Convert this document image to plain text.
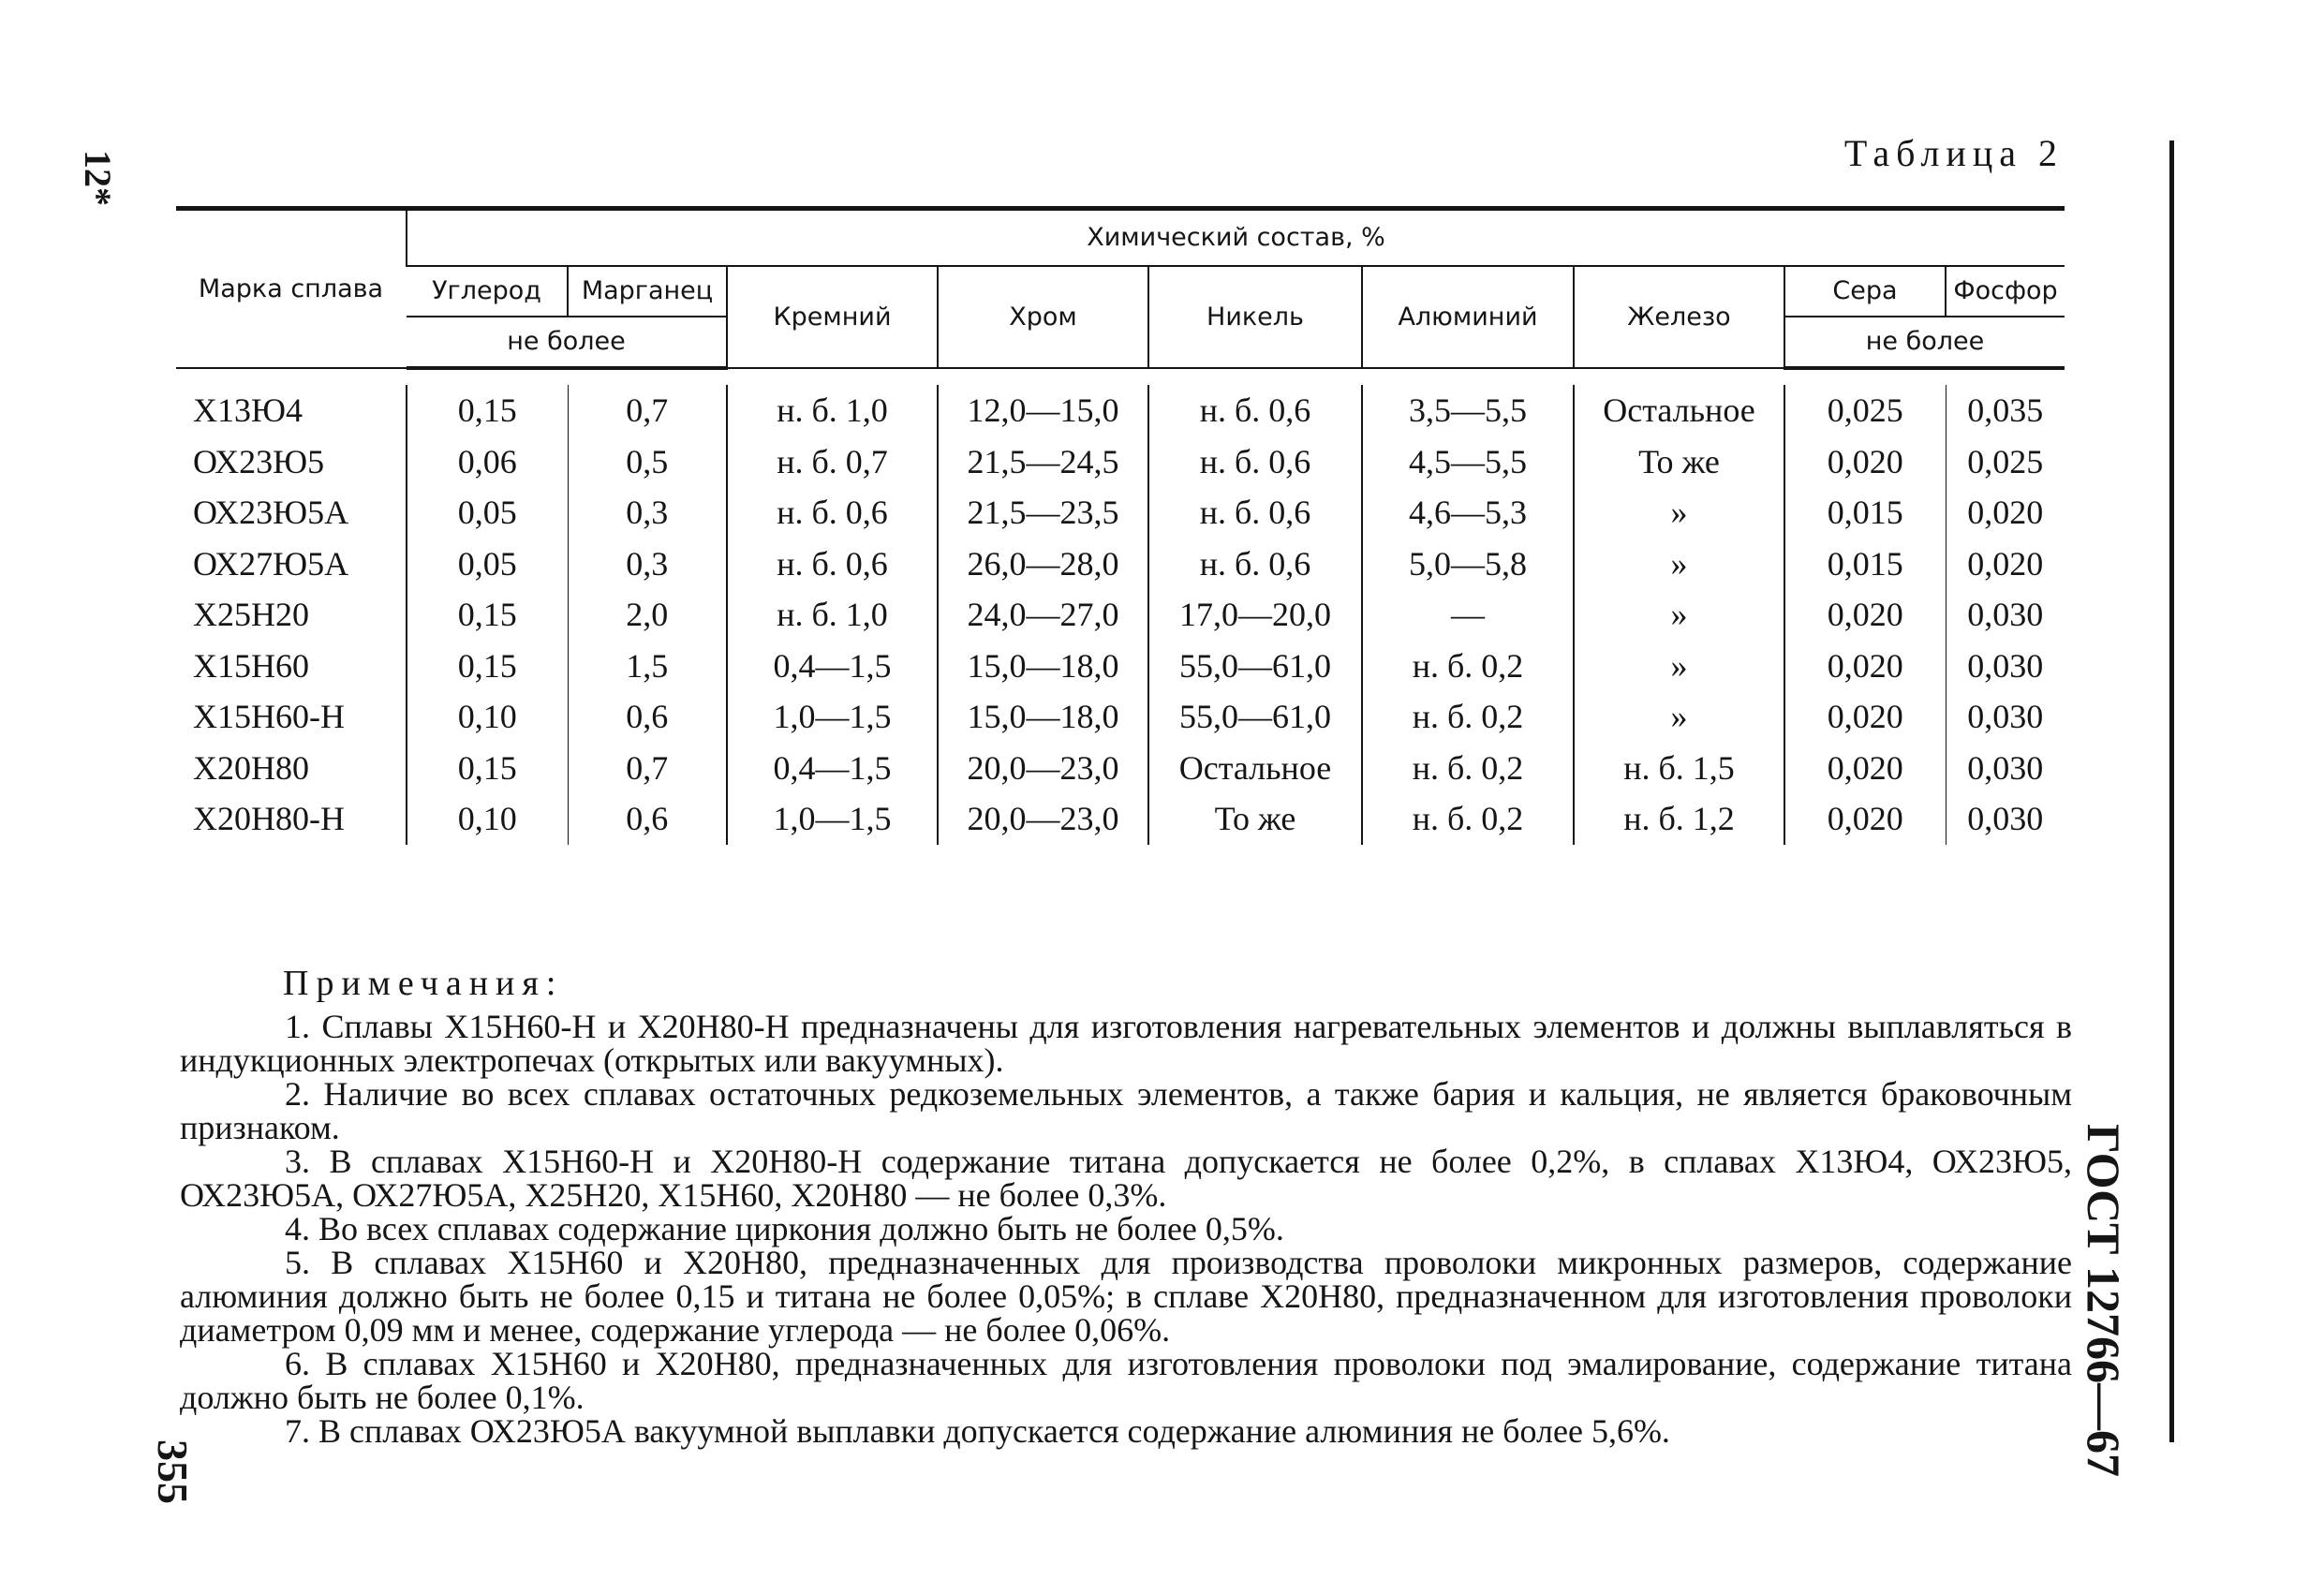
12*
355	ГОСТ 12766—67
Таблица 2
Марка сплава	Химический состав, %								
	Углерод	Марганец	Кремний	Хром	Никель	Алюминий	Железо	Сера	Фосфор
	не более							не более	

Х13Ю4	0,15	0,7	н. б. 1,0	12,0—15,0	н. б. 0,6	3,5—5,5	Остальное	0,025	0,035
ОХ23Ю5	0,06	0,5	н. б. 0,7	21,5—24,5	н. б. 0,6	4,5—5,5	То же	0,020	0,025
ОХ23Ю5А	0,05	0,3	н. б. 0,6	21,5—23,5	н. б. 0,6	4,6—5,3	»	0,015	0,020
ОХ27Ю5А	0,05	0,3	н. б. 0,6	26,0—28,0	н. б. 0,6	5,0—5,8	»	0,015	0,020
Х25Н20	0,15	2,0	н. б. 1,0	24,0—27,0	17,0—20,0	—	»	0,020	0,030
Х15Н60	0,15	1,5	0,4—1,5	15,0—18,0	55,0—61,0	н. б. 0,2	»	0,020	0,030
Х15Н60-Н	0,10	0,6	1,0—1,5	15,0—18,0	55,0—61,0	н. б. 0,2	»	0,020	0,030
Х20Н80	0,15	0,7	0,4—1,5	20,0—23,0	Остальное	н. б. 0,2	н. б. 1,5	0,020	0,030
Х20Н80-Н	0,10	0,6	1,0—1,5	20,0—23,0	То же	н. б. 0,2	н. б. 1,2	0,020	0,030
Примечания:

1. Сплавы Х15Н60-Н и Х20Н80-Н предназначены для изготовления нагревательных элементов и должны выплавляться в индукционных электропечах (открытых или вакуумных).

2. Наличие во всех сплавах остаточных редкоземельных элементов, а также бария и кальция, не является браковочным признаком.

3. В сплавах Х15Н60-Н и Х20Н80-Н содержание титана допускается не более 0,2%, в сплавах Х13Ю4, ОХ23Ю5, ОХ23Ю5А, ОХ27Ю5А, Х25Н20, Х15Н60, Х20Н80 — не более 0,3%.

4. Во всех сплавах содержание циркония должно быть не более 0,5%.

5. В сплавах Х15Н60 и Х20Н80, предназначенных для производства проволоки микронных размеров, содержание алюминия должно быть не более 0,15 и титана не более 0,05%; в сплаве Х20Н80, предназначенном для изготовления проволоки диаметром 0,09 мм и менее, содержание углерода — не более 0,06%.

6. В сплавах Х15Н60 и Х20Н80, предназначенных для изготовления проволоки под эмалирование, содержание титана должно быть не более 0,1%.

7. В сплавах ОХ23Ю5А вакуумной выплавки допускается содержание алюминия не более 5,6%.
